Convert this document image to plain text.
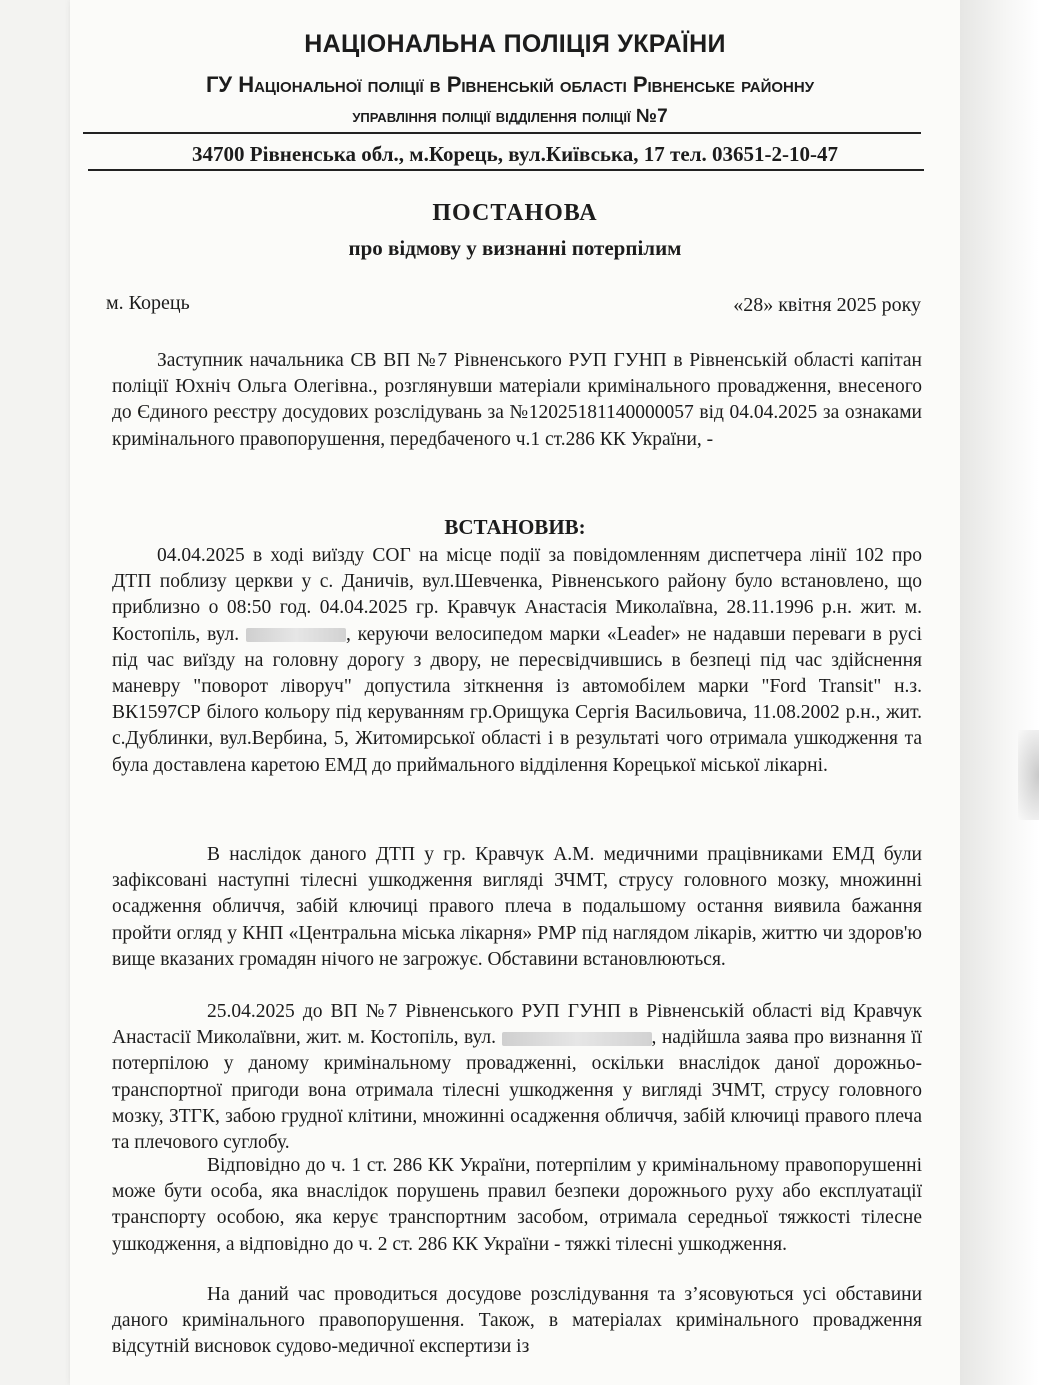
НАЦІОНАЛЬНА ПОЛІЦІЯ УКРАЇНИ
ГУ Національної поліції в Рівненській області Рівненське районну
управління поліції відділення поліції №7
34700 Рівненська обл., м.Корець, вул.Київська, 17 тел. 03651-2-10-47
ПОСТАНОВА
про відмову у визнанні потерпілим
м. Корець	«28» квітня 2025 року

Заступник начальника СВ ВП №7 Рівненського РУП ГУНП в Рівненській області капітан поліції Юхніч Ольга Олегівна., розглянувши матеріали кримінального провадження, внесеного до Єдиного реєстру досудових розслідувань за №12025181140000057 від 04.04.2025 за ознаками кримінального правопорушення, передбаченого ч.1 ст.286 КК України, -

ВСТАНОВИВ:

04.04.2025 в ході виїзду СОГ на місце події за повідомленням диспетчера лінії 102 про ДТП поблизу церкви у с. Даничів, вул.Шевченка, Рівненського району було встановлено, що приблизно о 08:50 год. 04.04.2025 гр. Кравчук Анастасія Миколаївна, 28.11.1996 р.н. жит. м. Костопіль, вул.	, керуючи велосипедом марки «Leader» не надавши переваги в русі під час виїзду на головну дорогу з двору, не пересвідчившись в безпеці під час здійснення маневру "поворот ліворуч" допустила зіткнення із автомобілем марки "Ford Transit" н.з. ВК1597СР білого кольору під керуванням гр.Орищука Сергія Васильовича, 11.08.2002 р.н., жит. с.Дублинки, вул.Вербина, 5, Житомирської області і в результаті чого отримала ушкодження та була доставлена каретою ЕМД до приймального відділення Корецької міської лікарні.

В наслідок даного ДТП у гр. Кравчук А.М. медичними працівниками ЕМД були зафіксовані наступні тілесні ушкодження вигляді ЗЧМТ, струсу головного мозку, множинні осадження обличчя, забій ключиці правого плеча в подальшому остання виявила бажання пройти огляд у КНП «Центральна міська лікарня» РМР під наглядом лікарів, життю чи здоров'ю вище вказаних громадян нічого не загрожує. Обставини встановлюються.

25.04.2025 до ВП №7 Рівненського РУП ГУНП в Рівненській області від Кравчук Анастасії Миколаївни, жит. м. Костопіль, вул.	, надійшла заява про визнання її потерпілою у даному кримінальному провадженні, оскільки внаслідок даної дорожньо-транспортної пригоди вона отримала тілесні ушкодження у вигляді ЗЧМТ, струсу головного мозку, ЗТГК, забою грудної клітини, множинні осадження обличчя, забій ключиці правого плеча та плечового суглобу.

Відповідно до ч. 1 ст. 286 КК України, потерпілим у кримінальному правопорушенні може бути особа, яка внаслідок порушень правил безпеки дорожнього руху або експлуатації транспорту особою, яка керує транспортним засобом, отримала середньої тяжкості тілесне ушкодження, а відповідно до ч. 2 ст. 286 КК України - тяжкі тілесні ушкодження.

На даний час проводиться досудове розслідування та з’ясовуються усі обставини даного кримінального правопорушення. Також, в матеріалах кримінального провадження відсутній висновок судово-медичної експертизи із
